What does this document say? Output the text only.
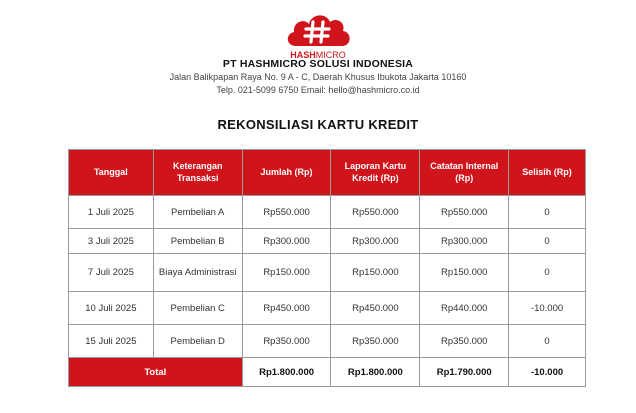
HASHMICRO
PT HASHMICRO SOLUSI INDONESIA
Jalan Balikpapan Raya No. 9 A - C, Daerah Khusus Ibukota Jakarta 10160
Telp. 021-5099 6750 Email: hello@hashmicro.co.id
REKONSILIASI KARTU KREDIT
Tanggal	Keterangan Transaksi	Jumlah (Rp)	Laporan Kartu Kredit (Rp)	Catatan Internal (Rp)	Selisih (Rp)
1 Juli 2025	Pembelian A	Rp550.000	Rp550.000	Rp550.000	0
3 Juli 2025	Pembelian B	Rp300.000	Rp300.000	Rp300.000	0
7 Juli 2025	Biaya Administrasi	Rp150.000	Rp150.000	Rp150.000	0
10 Juli 2025	Pembelian C	Rp450.000	Rp450.000	Rp440.000	-10.000
15 Juli 2025	Pembelian D	Rp350.000	Rp350.000	Rp350.000	0
Total		Rp1.800.000	Rp1.800.000	Rp1.790.000	-10.000
